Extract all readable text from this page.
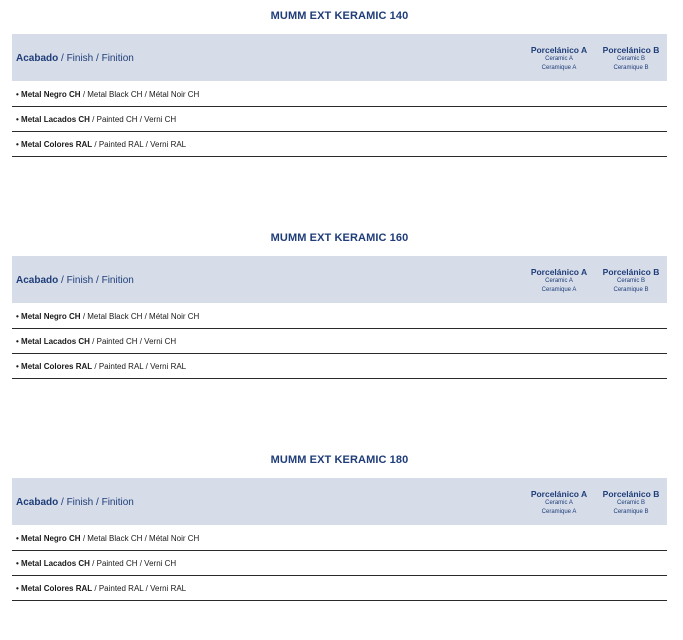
MUMM EXT KERAMIC 140
Acabado / Finish / Finition
Porcelánico A
Ceramic A
Ceramique A
Porcelánico B
Ceramic B
Ceramique B
• Metal Negro CH / Metal Black CH / Métal Noir CH
• Metal Lacados CH / Painted CH / Verni CH
• Metal Colores RAL / Painted RAL / Verni RAL
MUMM EXT KERAMIC 160
Acabado / Finish / Finition
Porcelánico A
Ceramic A
Ceramique A
Porcelánico B
Ceramic B
Ceramique B
• Metal Negro CH / Metal Black CH / Métal Noir CH
• Metal Lacados CH / Painted CH / Verni CH
• Metal Colores RAL / Painted RAL / Verni RAL
MUMM EXT KERAMIC 180
Acabado / Finish / Finition
Porcelánico A
Ceramic A
Ceramique A
Porcelánico B
Ceramic B
Ceramique B
• Metal Negro CH / Metal Black CH / Métal Noir CH
• Metal Lacados CH / Painted CH / Verni CH
• Metal Colores RAL / Painted RAL / Verni RAL
